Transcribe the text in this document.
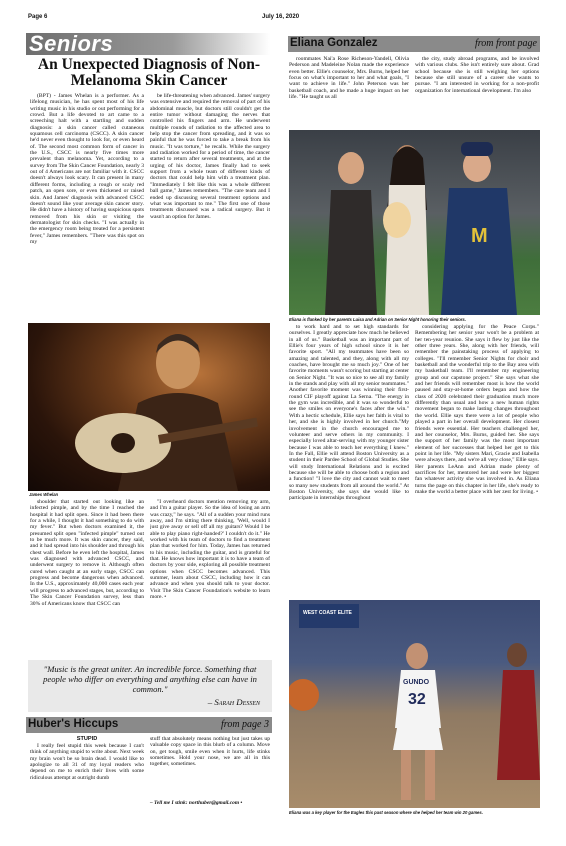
Page 6	July 16, 2020
Seniors	Eliana Gonzalez	from front page
An Unexpected Diagnosis of Non-Melanoma Skin Cancer

(BPT) - James Whelan is a performer. As a lifelong musician, he has spent most of his life writing music in his studio or out performing for a crowd. But a life devoted to art came to a screeching halt with a startling and sudden diagnosis: a skin cancer called cutaneous squamous cell carcinoma (CSCC). A skin cancer he'd never even thought to look for, or even heard of. The second most common form of cancer in the U.S., CSCC is nearly five times more prevalent than melanoma. Yet, according to a survey from The Skin Cancer Foundation, nearly 3 out of 4 Americans are not familiar with it. CSCC doesn't always look scary. It can present in many different forms, including a rough or scaly red patch, an open sore, or even thickened or raised skin. And James' diagnosis with advanced CSCC doesn't sound like your average skin cancer story. He didn't have a history of having suspicious spots removed from his skin or visiting the dermatologist for skin checks. "I was actually in the emergency room being treated for a persistent fever," James remembers. "There was this spot on my

be life-threatening when advanced. James' surgery was extensive and required the removal of part of his abdominal muscle, but doctors still couldn't get the entire tumor without damaging the nerves that controlled his fingers and arm. He underwent multiple rounds of radiation to the affected area to help stop the cancer from spreading, and it was so painful that he was forced to take a break from his music. "It was torture," he recalls. While the surgery and radiation worked for a period of time, the cancer started to return after several treatments, and at the urging of his doctor, James finally had to seek support from a whole team of different kinds of doctors that could help him with a treatment plan. "Immediately I felt like this was a whole different ball game," James remembers. "The care team and I ended up discussing several treatment options and what was important to me." The first one of those treatments discussed was a radical surgery. But it wasn't an option for James.

James Whelan

shoulder that started out looking like an infected pimple, and by the time I reached the hospital it had split open. Since it had been there for a while, I thought it had something to do with my fever." But when doctors examined it, the presumed split open "infected pimple" turned out to be much more. It was skin cancer, they said, and it had spread into his shoulder and through his chest wall. Before he even left the hospital, James was diagnosed with advanced CSCC, and underwent surgery to remove it. Although often cured when caught at an early stage, CSCC can progress and become dangerous when advanced. In the U.S., approximately 40,000 cases each year will progress to advanced stages, but, according to The Skin Cancer Foundation survey, less than 30% of Americans know that CSCC can

"I overheard doctors mention removing my arm, and I'm a guitar player. So the idea of losing an arm was crazy," he says. "All of a sudden your mind runs away, and I'm sitting there thinking, 'Well, would I just give away or sell off all my guitars? Would I be able to play piano right-handed?' I couldn't do it." He worked with his team of doctors to find a treatment plan that worked for him. Today, James has returned to his music, including the guitar, and is grateful for that. He knows how important it is to have a team of doctors by your side, exploring all possible treatment options when CSCC becomes advanced. This summer, learn about CSCC, including how it can advance and when you should talk to your doctor. Visit The Skin Cancer Foundation's website to learn more. •

roommates Nai'a Rose Richeson-Yandell, Olivia Pederson and Madeleine Nolan made the experience even better. Ellie's counselor, Mrs. Burns, helped her focus on what's important to her and what goals, "I want to achieve in life." John Peterson was her basketball coach, and he made a huge impact on her life. "He taught us all

the city, study abroad programs, and be involved with various clubs. She isn't entirely sure about. Grad school because she is still weighing her options because she still unsure of a career she wants to pursue. "I am interested in working for a non-profit organization for international development. I'm also

M
Eliana is flanked by her parents Luisa and Adrian on Senior Night honoring their seniors.

to work hard and to set high standards for ourselves. I greatly appreciate how much he believed in all of us." Basketball was an important part of Ellie's four years of high school since it is her favorite sport. "All my teammates have been so amazing and talented, and they, along with all my coaches, have brought me so much joy." One of her favorite moments wasn't scoring but starting at center on Senior Night. "It was so nice to see all my family in the stands and play with all my senior teammates." Another favorite moment was winning their first-round CIF playoff against La Serna. "The energy in the gym was incredible, and it was so wonderful to see the smiles on everyone's faces after the win." With a hectic schedule, Ellie says her faith is vital to her, and she is highly involved in her church."My involvement in the church encouraged me to volunteer and serve others in my community. I especially loved altar-serving with my younger sister because I was able to teach her everything I knew." In the Fall, Ellie will attend Boston University as a student in their Pardee School of Global Studies. She will study International Relations and is excited because she will be able to choose both a region and a function! "I love the city and cannot wait to meet so many new students from all around the world." At Boston University, she says she would like to participate in internships throughout

considering applying for the Peace Corps." Remembering her senior year won't be a problem at her ten-year reunion. She says it flew by just like the other three years. She, along with her friends, will remember the painstaking process of applying to colleges. "I'll remember Senior Nights for choir and basketball and the wonderful trip to the Bay area with my basketball team. I'll remember my engineering group and our capstone project." She says what she and her friends will remember most is how the world paused and stay-at-home orders began and how the class of 2020 celebrated their graduation much more differently than usual and how a new human rights movement began to make lasting changes throughout the world. Ellie says there were a lot of people who played a part in her overall development. Her closest friends were essential. Her teachers challenged her, and her counselor, Mrs. Burns, guided her. She says the support of her family was the most important element of her successes that helped her get to this point in her life. "My sisters Mari, Gracie and Isabella were always there, and we're all very close," Ellie says. Her parents LeAnn and Adrian made plenty of sacrifices for her, mentored her and were her biggest fan whatever activity she was involved in. As Eliana turns the page on this chapter in her life, she's ready to make the world a better place with her zest for living. •

WEST COAST ELITE
GUNDO
32
Eliana was a key player for the Eagles this past season where she helped her team win 20 games.
"Music is the great uniter. An incredible force. Something that people who differ on everything and anything else can have in common."
– Sarah Dessen
Huber's Hiccups	from page 3
STUPID

I really feel stupid this week because I can't think of anything stupid to write about. Next week my brain won't be so brain dead. I would like to apologize to all 31 of my loyal readers who depend on me to enrich their lives with some ridiculous attempt at outright dumb

stuff that absolutely means nothing but just takes up valuable copy space in this blurb of a column. Move on, get tough, smile even when it hurts, life stinks sometimes. Hold your nose, we are all in this together, sometimes.

– Tell me I stink: northuber@gmail.com •
